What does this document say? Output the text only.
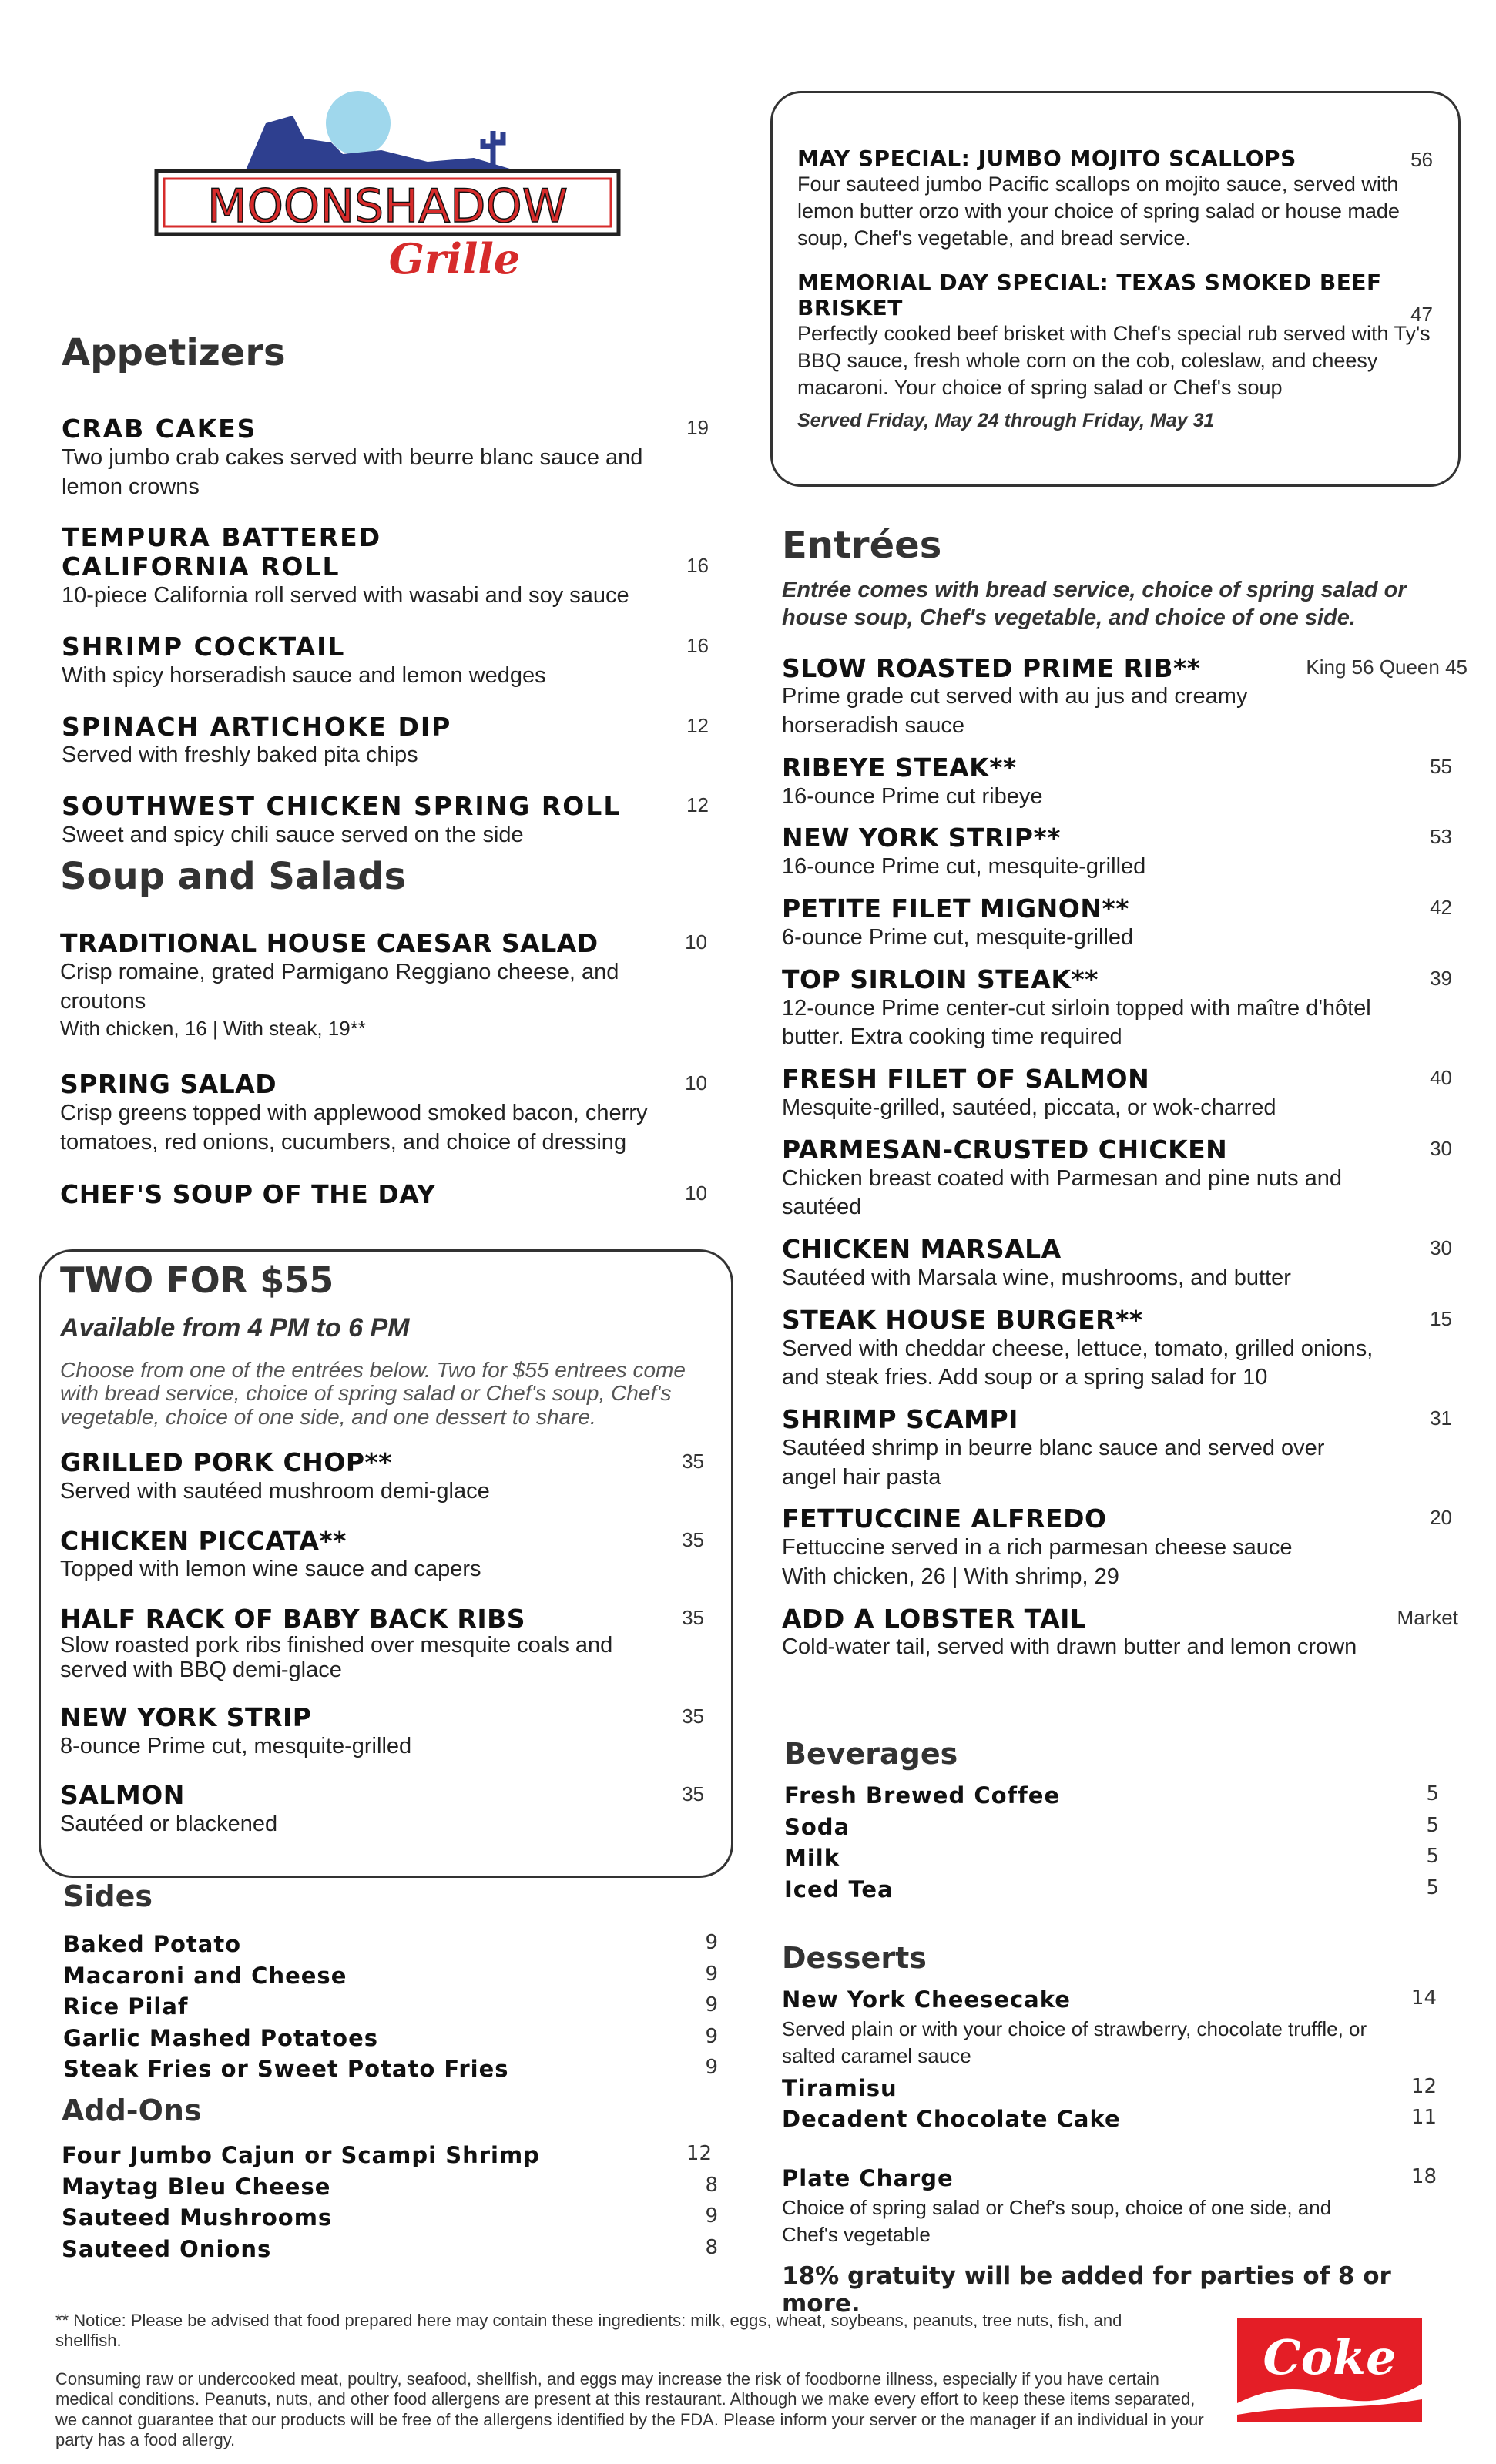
MOONSHADOW
Grille
MAY SPECIAL: JUMBO MOJITO SCALLOPS	56
Four sauteed jumbo Pacific scallops on mojito sauce, served with lemon butter orzo with your choice of spring salad or house made soup, Chef's vegetable, and bread service.
MEMORIAL DAY SPECIAL: TEXAS SMOKED BEEF BRISKET	47
Perfectly cooked beef brisket with Chef's special rub served with Ty's BBQ sauce, fresh whole corn on the cob, coleslaw, and cheesy macaroni. Your choice of spring salad or Chef's soup
Served Friday, May 24 through Friday, May 31
Appetizers
CRAB CAKES	19
Two jumbo crab cakes served with beurre blanc sauce and lemon crowns
TEMPURA BATTERED CALIFORNIA ROLL	16
10-piece California roll served with wasabi and soy sauce
SHRIMP COCKTAIL	16
With spicy horseradish sauce and lemon wedges
SPINACH ARTICHOKE DIP	12
Served with freshly baked pita chips
SOUTHWEST CHICKEN SPRING ROLL	12
Sweet and spicy chili sauce served on the side
Soup and Salads
TRADITIONAL HOUSE CAESAR SALAD	10
Crisp romaine, grated Parmigano Reggiano cheese, and croutons
With chicken, 16 | With steak, 19**
SPRING SALAD	10
Crisp greens topped with applewood smoked bacon, cherry tomatoes, red onions, cucumbers, and choice of dressing
CHEF'S SOUP OF THE DAY	10
TWO FOR $55
Available from 4 PM to 6 PM
Choose from one of the entrées below. Two for $55 entrees come with bread service, choice of spring salad or Chef's soup, Chef's vegetable, choice of one side, and one dessert to share.
GRILLED PORK CHOP**	35
Served with sautéed mushroom demi-glace
CHICKEN PICCATA**	35
Topped with lemon wine sauce and capers
HALF RACK OF BABY BACK RIBS	35
Slow roasted pork ribs finished over mesquite coals and served with BBQ demi-glace
NEW YORK STRIP	35
8-ounce Prime cut, mesquite-grilled
SALMON	35
Sautéed or blackened
Sides
Baked Potato	9
Macaroni and Cheese	9
Rice Pilaf	9
Garlic Mashed Potatoes	9
Steak Fries or Sweet Potato Fries	9
Add-Ons
Four Jumbo Cajun or Scampi Shrimp	12
Maytag Bleu Cheese	8
Sauteed Mushrooms	9
Sauteed Onions	8
Entrées
Entrée comes with bread service, choice of spring salad or house soup, Chef's vegetable, and choice of one side.
SLOW ROASTED PRIME RIB**	King 56 Queen 45
Prime grade cut served with au jus and creamy horseradish sauce
RIBEYE STEAK**	55
16-ounce Prime cut ribeye
NEW YORK STRIP**	53
16-ounce Prime cut, mesquite-grilled
PETITE FILET MIGNON**	42
6-ounce Prime cut, mesquite-grilled
TOP SIRLOIN STEAK**	39
12-ounce Prime center-cut sirloin topped with maître d'hôtel butter. Extra cooking time required
FRESH FILET OF SALMON	40
Mesquite-grilled, sautéed, piccata, or wok-charred
PARMESAN-CRUSTED CHICKEN	30
Chicken breast coated with Parmesan and pine nuts and sautéed
CHICKEN MARSALA	30
Sautéed with Marsala wine, mushrooms, and butter
STEAK HOUSE BURGER**	15
Served with cheddar cheese, lettuce, tomato, grilled onions, and steak fries. Add soup or a spring salad for 10
SHRIMP SCAMPI	31
Sautéed shrimp in beurre blanc sauce and served over angel hair pasta
FETTUCCINE ALFREDO	20
Fettuccine served in a rich parmesan cheese sauce
With chicken, 26 | With shrimp, 29
ADD A LOBSTER TAIL	Market
Cold-water tail, served with drawn butter and lemon crown
Beverages
Fresh Brewed Coffee	5
Soda	5
Milk	5
Iced Tea	5
Desserts
New York Cheesecake	14
Served plain or with your choice of strawberry, chocolate truffle, or salted caramel sauce
Tiramisu	12
Decadent Chocolate Cake	11
Plate Charge	18
Choice of spring salad or Chef's soup, choice of one side, and Chef's vegetable
18% gratuity will be added for parties of 8 or more.
** Notice: Please be advised that food prepared here may contain these ingredients: milk, eggs, wheat, soybeans, peanuts, tree nuts, fish, and shellfish.
Consuming raw or undercooked meat, poultry, seafood, shellfish, and eggs may increase the risk of foodborne illness, especially if you have certain medical conditions. Peanuts, nuts, and other food allergens are present at this restaurant. Although we make every effort to keep these items separated, we cannot guarantee that our products will be free of the allergens identified by the FDA. Please inform your server or the manager if an individual in your party has a food allergy.
Coke
